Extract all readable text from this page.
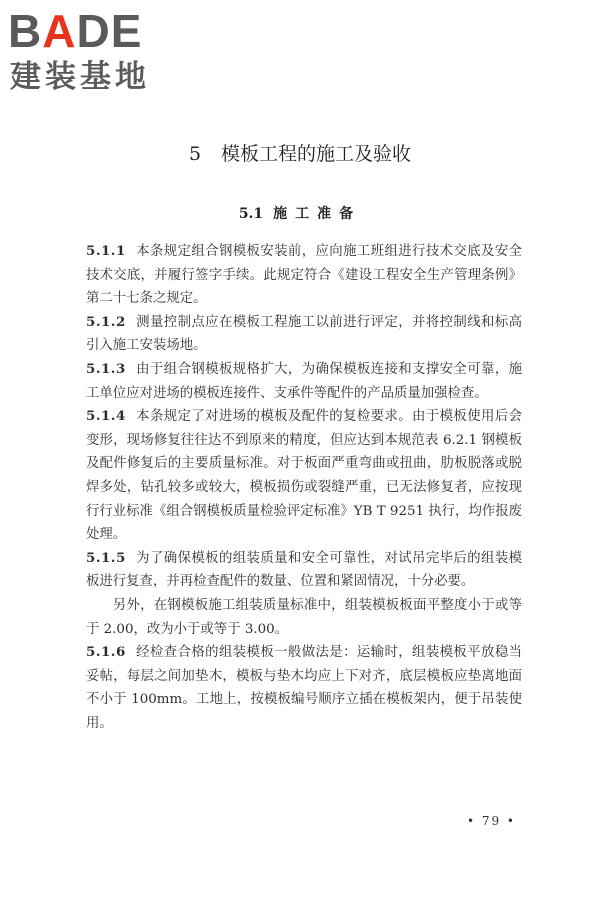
BADE
建装基地
5 模板工程的施工及验收
5.1 施工准备

5.1.1 本条规定组合钢模板安装前，应向施工班组进行技术交底及安全技术交底，并履行签字手续。此规定符合《建设工程安全生产管理条例》第二十七条之规定。

5.1.2 测量控制点应在模板工程施工以前进行评定，并将控制线和标高引入施工安装场地。

5.1.3 由于组合钢模板规格扩大，为确保模板连接和支撑安全可靠，施工单位应对进场的模板连接件、支承件等配件的产品质量加强检查。

5.1.4 本条规定了对进场的模板及配件的复检要求。由于模板使用后会变形，现场修复往往达不到原来的精度，但应达到本规范表 6.2.1 钢模板及配件修复后的主要质量标准。对于板面严重弯曲或扭曲，肋板脱落或脱焊多处，钻孔较多或较大，模板损伤或裂缝严重，已无法修复者，应按现行行业标准《组合钢模板质量检验评定标准》YB T 9251 执行，均作报废处理。

5.1.5 为了确保模板的组装质量和安全可靠性，对试吊完毕后的组装模板进行复查，并再检查配件的数量、位置和紧固情况，十分必要。

另外，在钢模板施工组装质量标准中，组装模板板面平整度小于或等于 2.00，改为小于或等于 3.00。

5.1.6 经检查合格的组装模板一般做法是：运输时，组装模板平放稳当妥帖，每层之间加垫木，模板与垫木均应上下对齐，底层模板应垫离地面不小于 100mm。工地上，按模板编号顺序立插在模板架内，便于吊装使用。

• 79 •
